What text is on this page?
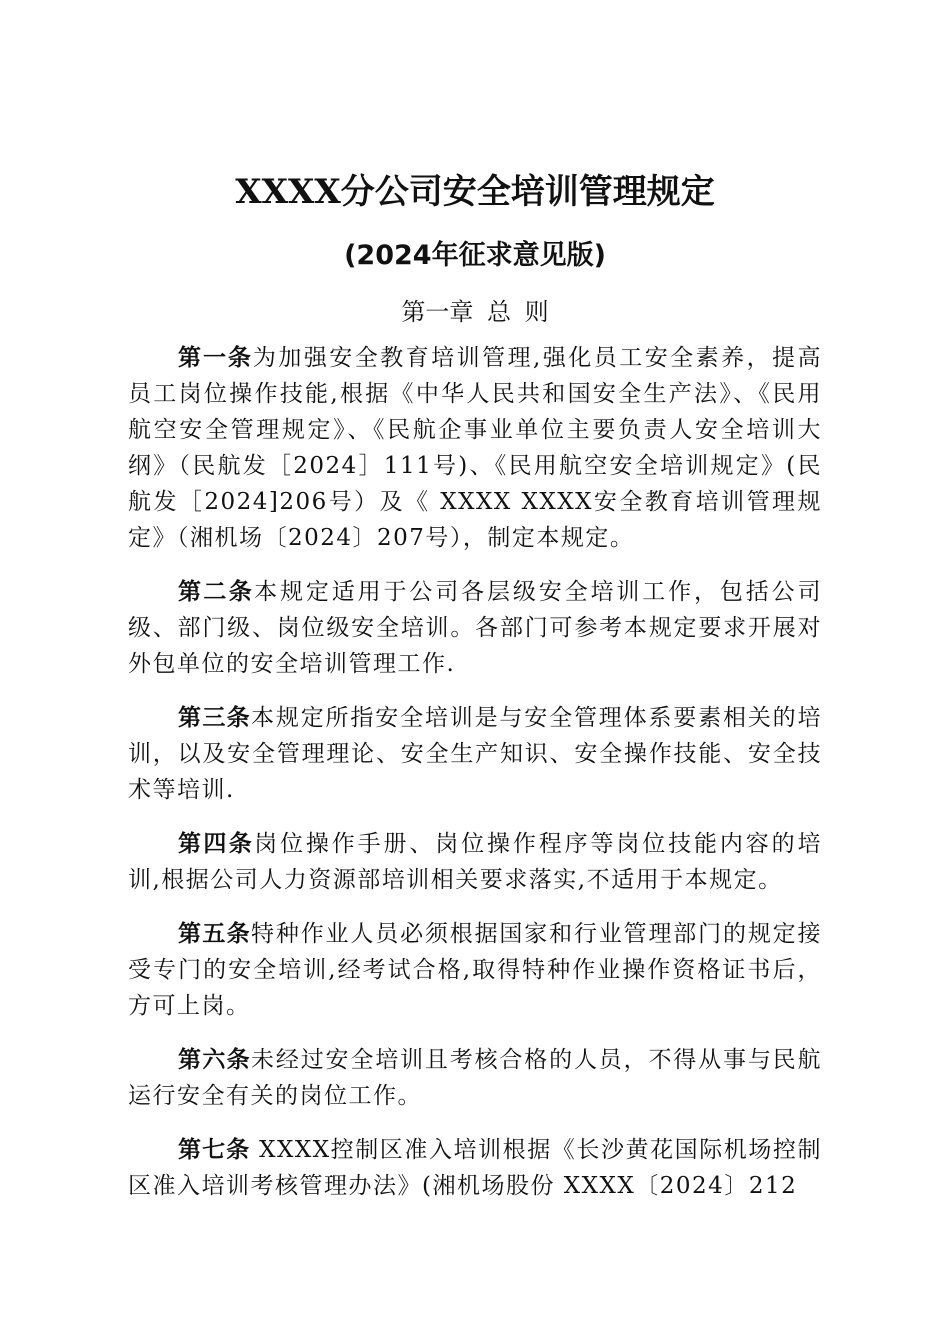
XXXX分公司安全培训管理规定
(2024年征求意见版)
第一章 总 则

第一条为加强安全教育培训管理,强化员工安全素养，提高员工岗位操作技能,根据《中华人民共和国安全生产法》、《民用航空安全管理规定》、《民航企事业单位主要负责人安全培训大纲》（民航发［2024］111号)、《民用航空安全培训规定》(民航发［2024]206号）及《 XXXX XXXX安全教育培训管理规定》（湘机场〔2024〕207号），制定本规定。

第二条本规定适用于公司各层级安全培训工作，包括公司级、部门级、岗位级安全培训。各部门可参考本规定要求开展对外包单位的安全培训管理工作.

第三条本规定所指安全培训是与安全管理体系要素相关的培训，以及安全管理理论、安全生产知识、安全操作技能、安全技术等培训.

第四条岗位操作手册、岗位操作程序等岗位技能内容的培训,根据公司人力资源部培训相关要求落实,不适用于本规定。

第五条特种作业人员必须根据国家和行业管理部门的规定接受专门的安全培训,经考试合格,取得特种作业操作资格证书后，方可上岗。

第六条未经过安全培训且考核合格的人员，不得从事与民航运行安全有关的岗位工作。

第七条 XXXX控制区准入培训根据《长沙黄花国际机场控制区准入培训考核管理办法》(湘机场股份 XXXX〔2024〕212
